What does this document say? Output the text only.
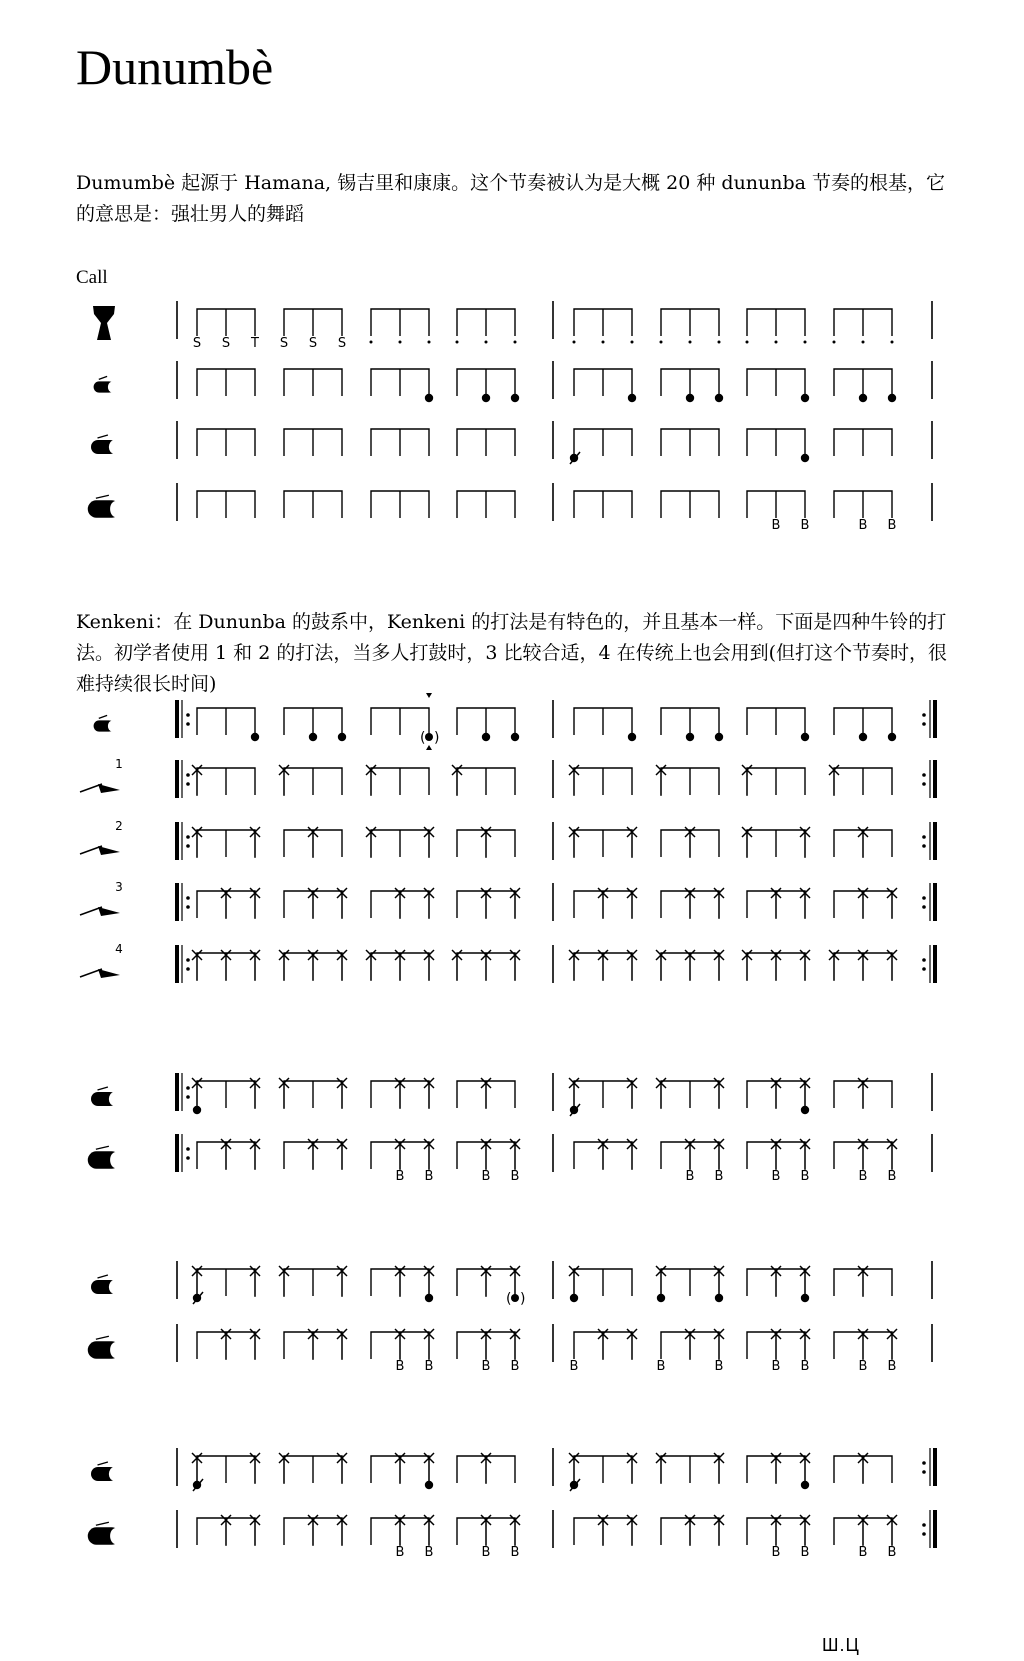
Dunumbè
Dumumbè 起源于 Hamana, 锡吉里和康康。这个节奏被认为是大概 20 种 dununba 节奏的根基，它的意思是：强壮男人的舞蹈
Call
Kenkeni：在 Dununba 的鼓系中，Kenkeni 的打法是有特色的，并且基本一样。下面是四种牛铃的打法。初学者使用 1 和 2 的打法，当多人打鼓时，3 比较合适，4 在传统上也会用到(但打这个节奏时，很难持续很长时间)
S S T S S S
B B	B B
( )
1
2
3
4
B B	B B	B B	B B	B B
( )
B B	B B	B	B	B	B B	B B
B B	B B	B B	B B
Ш.Ц
